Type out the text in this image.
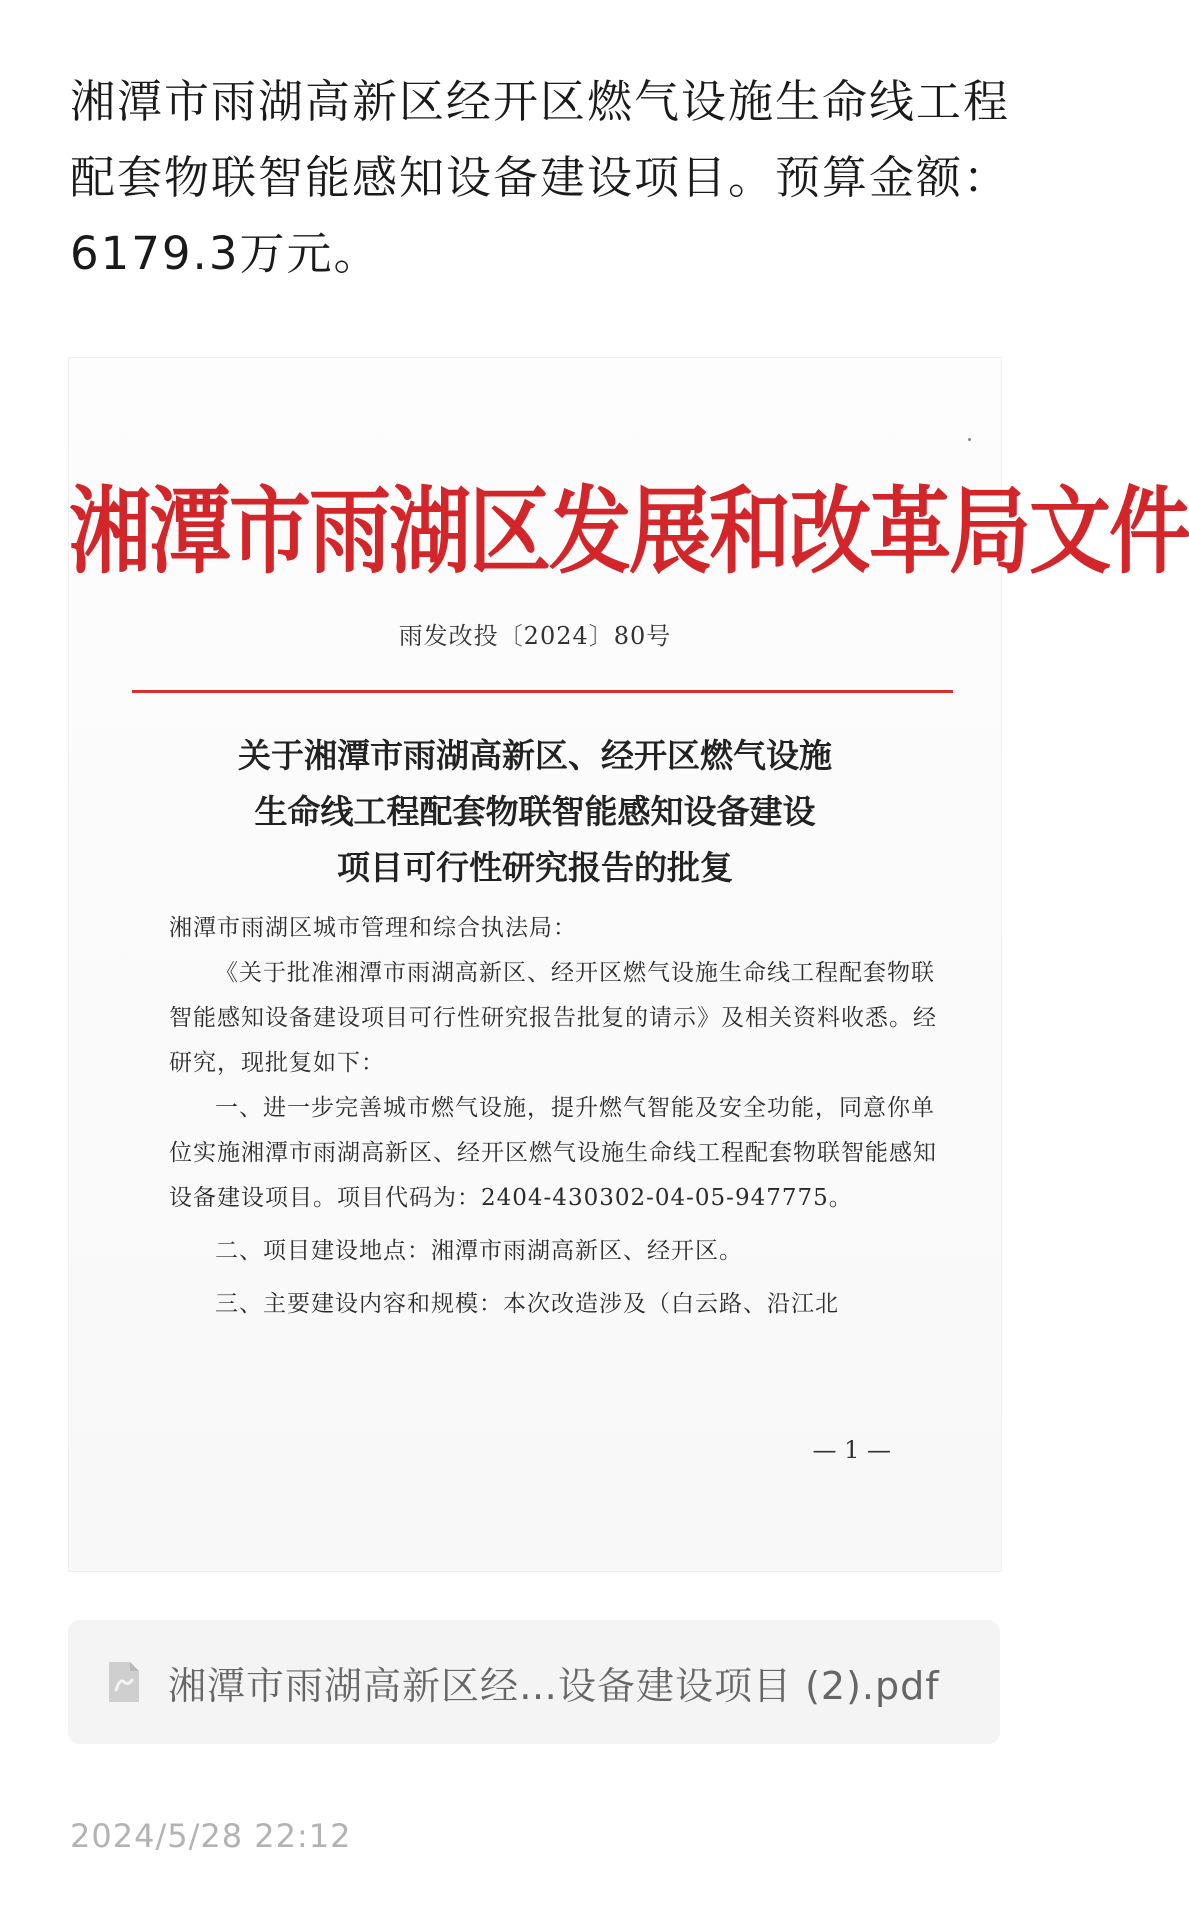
湘潭市雨湖高新区经开区燃气设施生命线工程配套物联智能感知设备建设项目。预算金额：6179.3万元。

湘潭市雨湖区发展和改革局文件
雨发改投〔2024〕80号
关于湘潭市雨湖高新区、经开区燃气设施
生命线工程配套物联智能感知设备建设
项目可行性研究报告的批复

湘潭市雨湖区城市管理和综合执法局：

《关于批准湘潭市雨湖高新区、经开区燃气设施生命线工程配套物联智能感知设备建设项目可行性研究报告批复的请示》及相关资料收悉。经研究，现批复如下：

一、进一步完善城市燃气设施，提升燃气智能及安全功能，同意你单位实施湘潭市雨湖高新区、经开区燃气设施生命线工程配套物联智能感知设备建设项目。项目代码为：2404-430302-04-05-947775。

二、项目建设地点：湘潭市雨湖高新区、经开区。

三、主要建设内容和规模：本次改造涉及（白云路、沿江北

— 1 —
湘潭市雨湖高新区经…设备建设项目 (2).pdf
2024/5/28 22:12
